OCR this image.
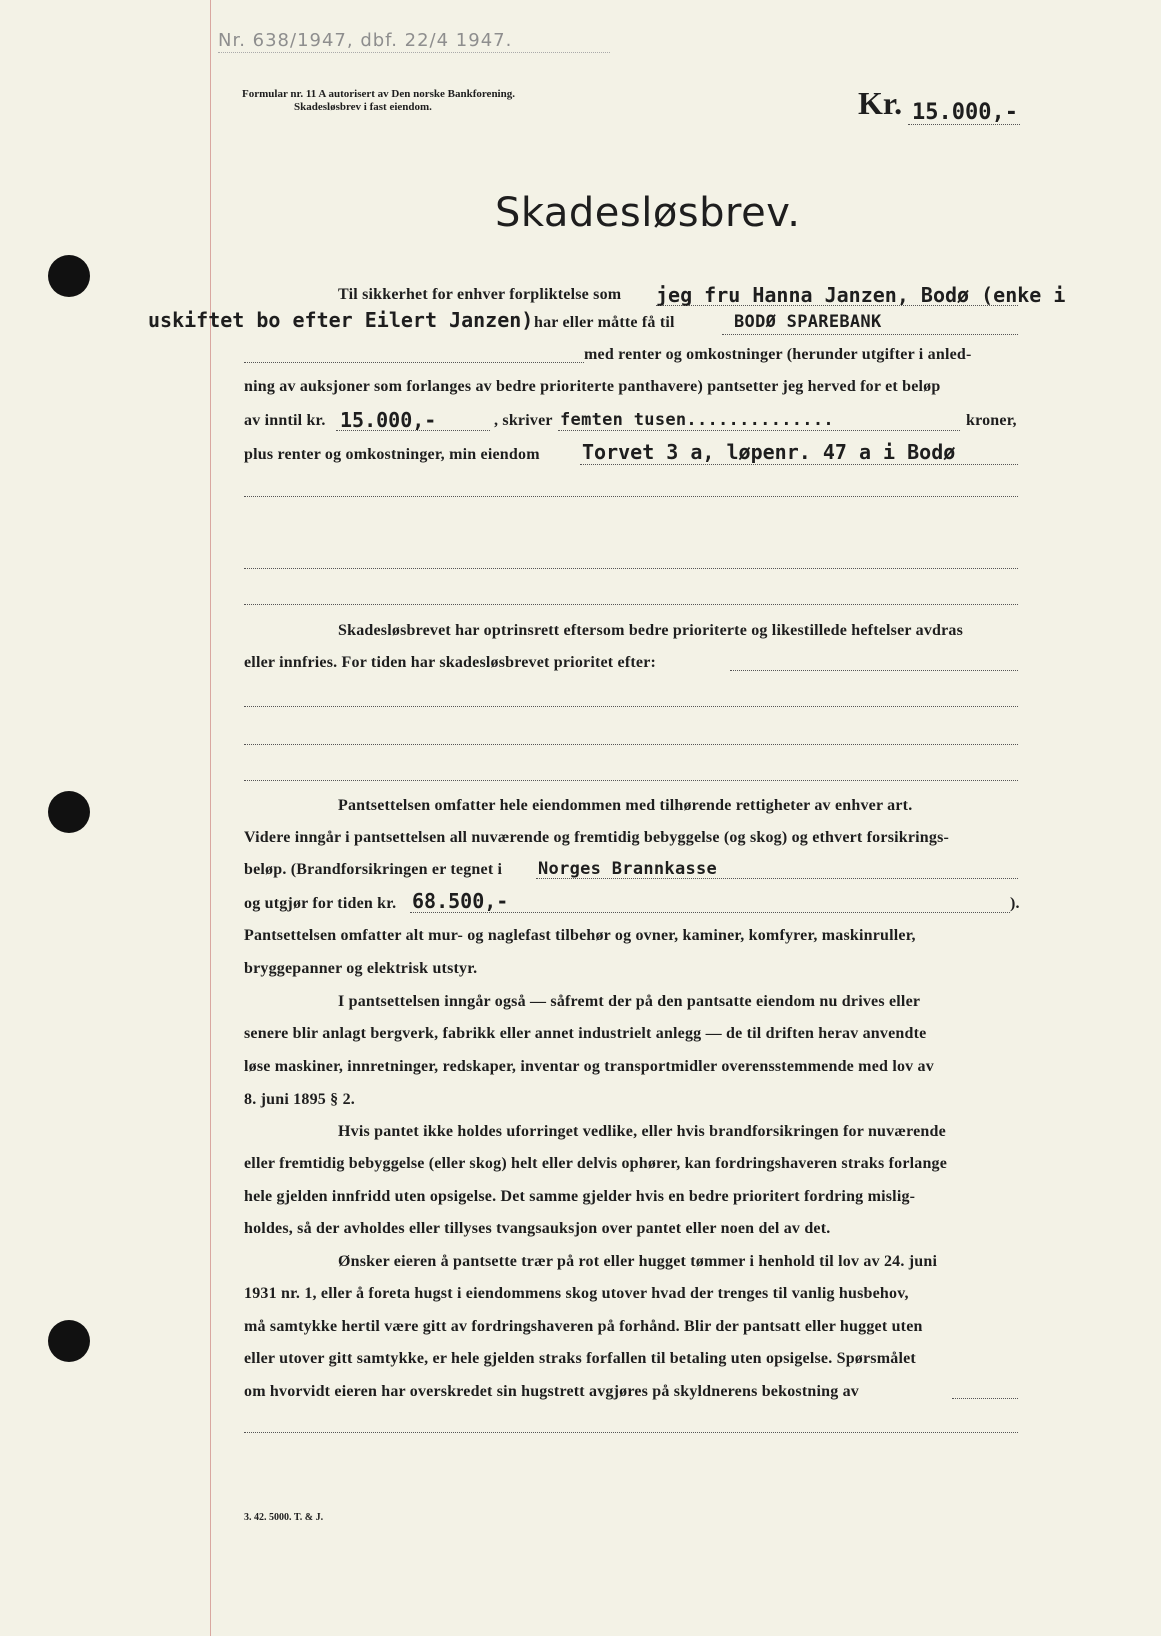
Nr. 638/1947, dbf. 22/4 1947.
Formular nr. 11 A autorisert av Den norske Bankforening.
Skadesløsbrev i fast eiendom.	Kr. 15.000,-
Skadesløsbrev.
Til sikkerhet for enhver forpliktelse som jeg fru Hanna Janzen, Bodø (enke i
uskiftet bo efter Eilert Janzen) har eller måtte få til	BODØ SPAREBANK
med renter og omkostninger (herunder utgifter i anled-
ning av auksjoner som forlanges av bedre prioriterte panthavere) pantsetter jeg herved for et beløp
av inntil kr. 15.000,-	, skriver femten tusen..............	kroner,
plus renter og omkostninger, min eiendom Torvet 3 a, løpenr. 47 a i Bodø
Skadesløsbrevet har optrinsrett eftersom bedre prioriterte og likestillede heftelser avdras
eller innfries. For tiden har skadesløsbrevet prioritet efter:
Pantsettelsen omfatter hele eiendommen med tilhørende rettigheter av enhver art.
Videre inngår i pantsettelsen all nuværende og fremtidig bebyggelse (og skog) og ethvert forsikrings-
beløp. (Brandforsikringen er tegnet i Norges Brannkasse
og utgjør for tiden kr. 68.500,-	).
Pantsettelsen omfatter alt mur- og naglefast tilbehør og ovner, kaminer, komfyrer, maskinruller,
bryggepanner og elektrisk utstyr.
I pantsettelsen inngår også — såfremt der på den pantsatte eiendom nu drives eller
senere blir anlagt bergverk, fabrikk eller annet industrielt anlegg — de til driften herav anvendte
løse maskiner, innretninger, redskaper, inventar og transportmidler overensstemmende med lov av
8. juni 1895 § 2.
Hvis pantet ikke holdes uforringet vedlike, eller hvis brandforsikringen for nuværende
eller fremtidig bebyggelse (eller skog) helt eller delvis ophører, kan fordringshaveren straks forlange
hele gjelden innfridd uten opsigelse. Det samme gjelder hvis en bedre prioritert fordring mislig-
holdes, så der avholdes eller tillyses tvangsauksjon over pantet eller noen del av det.
Ønsker eieren å pantsette trær på rot eller hugget tømmer i henhold til lov av 24. juni
1931 nr. 1, eller å foreta hugst i eiendommens skog utover hvad der trenges til vanlig husbehov,
må samtykke hertil være gitt av fordringshaveren på forhånd. Blir der pantsatt eller hugget uten
eller utover gitt samtykke, er hele gjelden straks forfallen til betaling uten opsigelse. Spørsmålet
om hvorvidt eieren har overskredet sin hugstrett avgjøres på skyldnerens bekostning av
3. 42. 5000. T. & J.
